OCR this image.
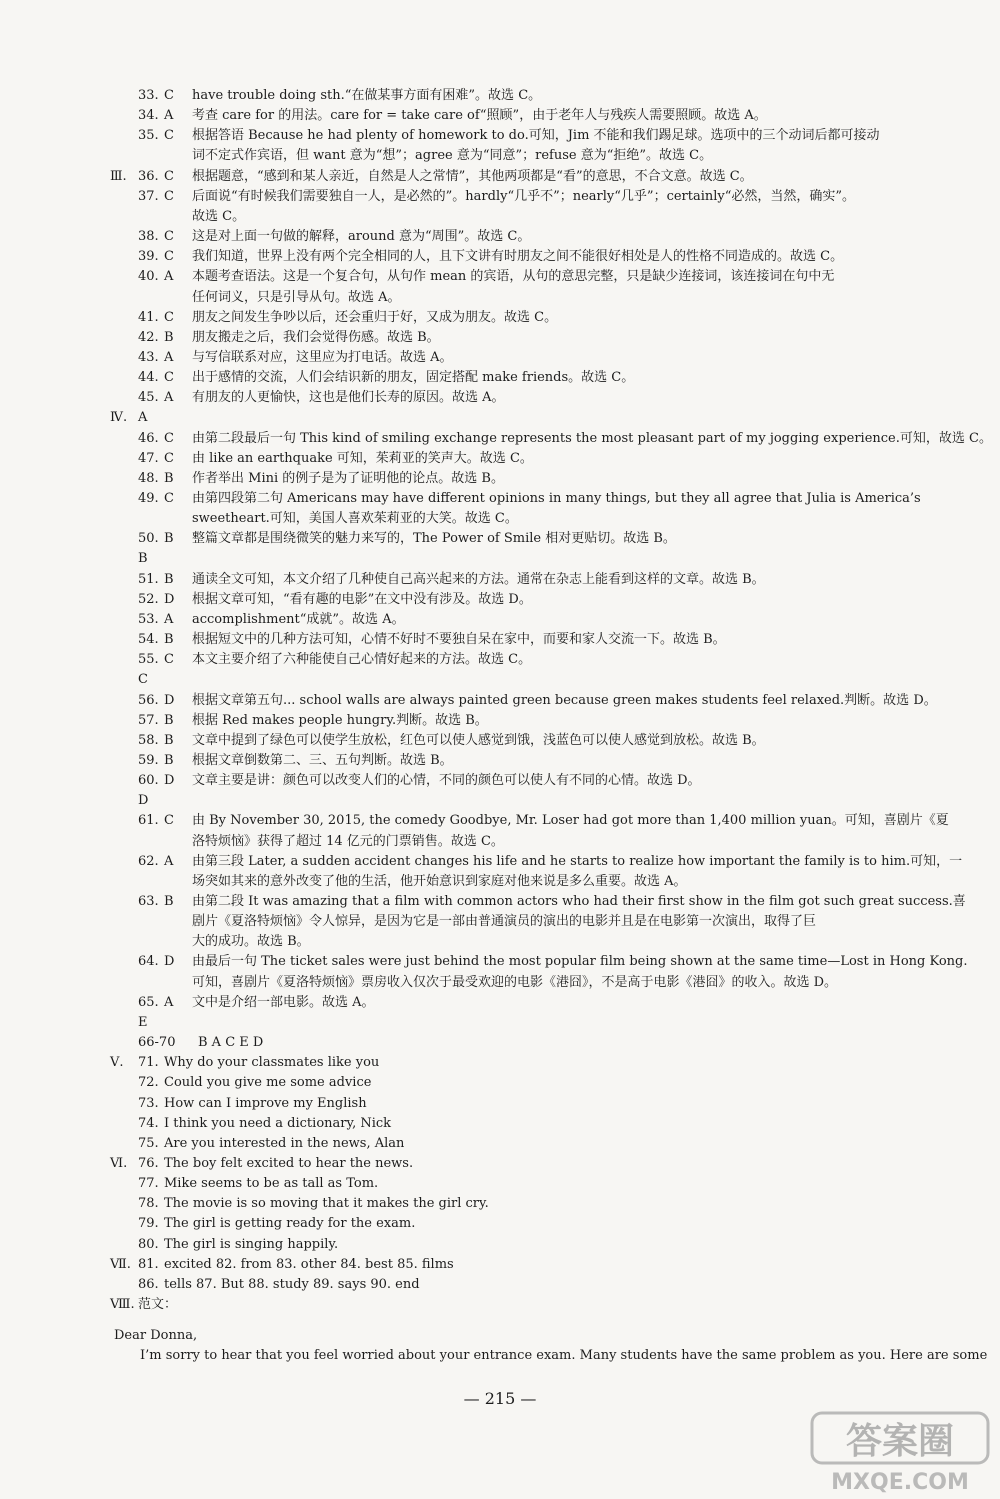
33. C	have trouble doing sth.“在做某事方面有困难”。故选 C。
34. A	考查 care for 的用法。care for = take care of“照顾”，由于老年人与残疾人需要照顾。故选 A。
35. C	根据答语 Because he had plenty of homework to do.可知，Jim 不能和我们踢足球。选项中的三个动词后都可接动
词不定式作宾语，但 want 意为“想”；agree 意为“同意”；refuse 意为“拒绝”。故选 C。
Ⅲ. 36. C	根据题意，“感到和某人亲近，自然是人之常情”，其他两项都是“看”的意思，不合文意。故选 C。
37. C	后面说“有时候我们需要独自一人，是必然的”。hardly“几乎不”；nearly“几乎”；certainly“必然，当然，确实”。
故选 C。
38. C	这是对上面一句做的解释，around 意为“周围”。故选 C。
39. C	我们知道，世界上没有两个完全相同的人，且下文讲有时朋友之间不能很好相处是人的性格不同造成的。故选 C。
40. A	本题考查语法。这是一个复合句，从句作 mean 的宾语，从句的意思完整，只是缺少连接词，该连接词在句中无
任何词义，只是引导从句。故选 A。
41. C	朋友之间发生争吵以后，还会重归于好，又成为朋友。故选 C。
42. B	朋友搬走之后，我们会觉得伤感。故选 B。
43. A	与写信联系对应，这里应为打电话。故选 A。
44. C	出于感情的交流，人们会结识新的朋友，固定搭配 make friends。故选 C。
45. A	有朋友的人更愉快，这也是他们长寿的原因。故选 A。
Ⅳ. A
46. C	由第二段最后一句 This kind of smiling exchange represents the most pleasant part of my jogging experience.可知，故选 C。
47. C	由 like an earthquake 可知，茱莉亚的笑声大。故选 C。
48. B	作者举出 Mini 的例子是为了证明他的论点。故选 B。
49. C	由第四段第二句 Americans may have different opinions in many things, but they all agree that Julia is America’s
sweetheart.可知，美国人喜欢茱莉亚的大笑。故选 C。
50. B	整篇文章都是围绕微笑的魅力来写的，The Power of Smile 相对更贴切。故选 B。
B
51. B	通读全文可知，本文介绍了几种使自己高兴起来的方法。通常在杂志上能看到这样的文章。故选 B。
52. D	根据文章可知，“看有趣的电影”在文中没有涉及。故选 D。
53. A	accomplishment“成就”。故选 A。
54. B	根据短文中的几种方法可知，心情不好时不要独自呆在家中，而要和家人交流一下。故选 B。
55. C	本文主要介绍了六种能使自己心情好起来的方法。故选 C。
C
56. D	根据文章第五句... school walls are always painted green because green makes students feel relaxed.判断。故选 D。
57. B	根据 Red makes people hungry.判断。故选 B。
58. B	文章中提到了绿色可以使学生放松，红色可以使人感觉到饿，浅蓝色可以使人感觉到放松。故选 B。
59. B	根据文章倒数第二、三、五句判断。故选 B。
60. D	文章主要是讲：颜色可以改变人们的心情，不同的颜色可以使人有不同的心情。故选 D。
D
61. C	由 By November 30, 2015, the comedy Goodbye, Mr. Loser had got more than 1,400 million yuan。可知，喜剧片《夏
洛特烦恼》获得了超过 14 亿元的门票销售。故选 C。
62. A	由第三段 Later, a sudden accident changes his life and he starts to realize how important the family is to him.可知，一
场突如其来的意外改变了他的生活，他开始意识到家庭对他来说是多么重要。故选 A。
63. B	由第二段 It was amazing that a film with common actors who had their first show in the film got such great success.喜
剧片《夏洛特烦恼》令人惊异，是因为它是一部由普通演员的演出的电影并且是在电影第一次演出，取得了巨
大的成功。故选 B。
64. D	由最后一句 The ticket sales were just behind the most popular film being shown at the same time—Lost in Hong Kong.
可知，喜剧片《夏洛特烦恼》票房收入仅次于最受欢迎的电影《港囧》，不是高于电影《港囧》的收入。故选 D。
65. A	文中是介绍一部电影。故选 A。
E
66-70 B A C E D
Ⅴ.	71. Why do your classmates like you
72. Could you give me some advice
73. How can I improve my English
74. I think you need a dictionary, Nick
75. Are you interested in the news, Alan
Ⅵ. 76. The boy felt excited to hear the news.
77. Mike seems to be as tall as Tom.
78. The movie is so moving that it makes the girl cry.
79. The girl is getting ready for the exam.
80. The girl is singing happily.
Ⅶ. 81. excited 82. from 83. other 84. best 85. films
86. tells 87. But 88. study 89. says 90. end
Ⅷ. 范文：
Dear Donna,
I’m sorry to hear that you feel worried about your entrance exam. Many students have the same problem as you. Here are some
— 215 —
答案圈
MXQE.COM
